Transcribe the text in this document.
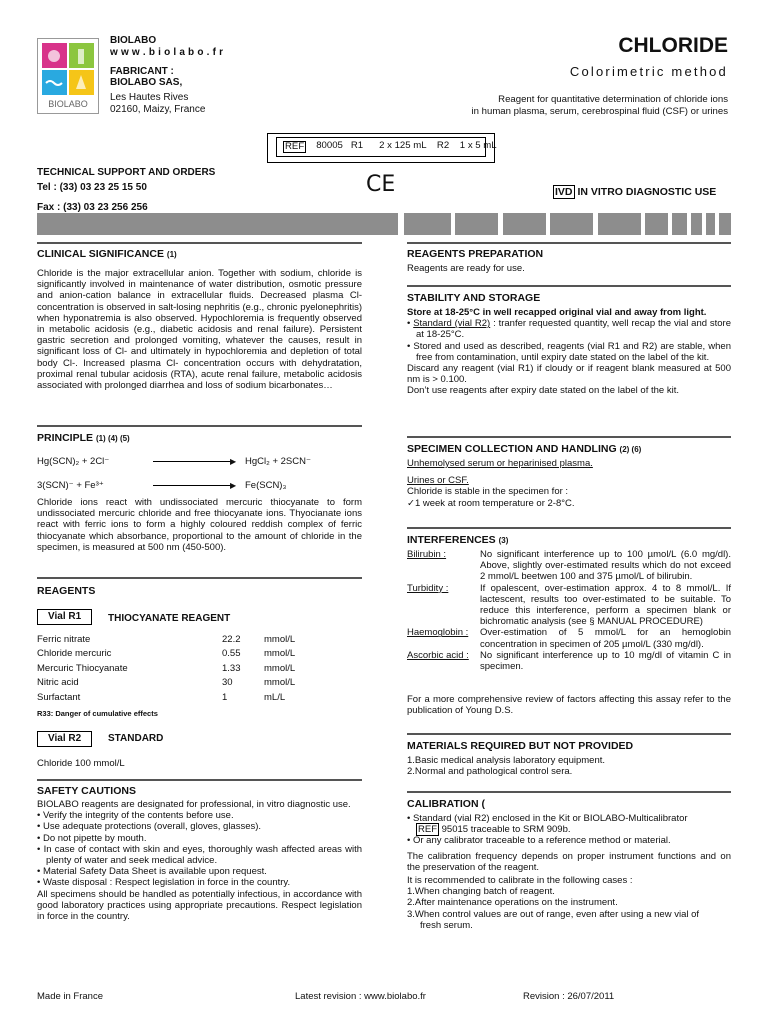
BIOLABO
BIOLABO
w w w . b i o l a b o . f r
FABRICANT :
BIOLABO SAS,
Les Hautes Rives
02160, Maizy, France
CHLORIDE
Colorimetric method
Reagent for quantitative determination of chloride ions
in human plasma, serum, cerebrospinal fluid (CSF) or urines
REF 80005   R1      2 x 125 mL    R2    1 x 5 mL
TECHNICAL SUPPORT AND ORDERS
Tel : (33) 03 23 25 15 50
Fax : (33) 03 23 256 256
CE	IVD IN VITRO DIAGNOSTIC USE
CLINICAL SIGNIFICANCE (1)
Chloride is the major extracellular anion. Together with sodium, chloride is significantly involved in maintenance of water distribution, osmotic pressure and anion-cation balance in extracellular fluids. Decreased plasma Cl- concentration is observed in salt-losing nephritis (e.g., chronic pyelonephritis) when hyponatremia is also observed. Hypochloremia is frequently observed in metabolic acidosis (e.g., diabetic acidosis and renal failure). Persistent gastric secretion and prolonged vomiting, whatever the causes, result in significant loss of Cl- and ultimately in hypochloremia and depletion of total body Cl-. Increased plasma Cl- concentration occurs with dehydratation, proximal renal tubular acidosis (RTA), acute renal failure, metabolic acidosis associated with prolonged diarrhea and loss of sodium bicarbonates…
PRINCIPLE (1) (4) (5)
Hg(SCN)₂ + 2Cl⁻	▶ HgCl₂ + 2SCN⁻
3(SCN)⁻ + Fe³⁺	▶ Fe(SCN)₃
Chloride ions react with undissociated mercuric thiocyanate to form undissociated mercuric chloride and free thiocyanate ions. Thyocianate ions react with ferric ions to form a highly coloured reddish complex of ferric thiocyanate which absorbance, proportional to the amount of chloride in the specimen, is measured at 500 nm (450-500).
REAGENTS
Vial R1	THIOCYANATE REAGENT
Ferric nitrate	22.2	mmol/L
Chloride mercuric	0.55	mmol/L
Mercuric Thiocyanate	1.33	mmol/L
Nitric acid	30	mmol/L
Surfactant	1	mL/L
R33: Danger of cumulative effects
Vial R2	STANDARD
Chloride 100 mmol/L
SAFETY CAUTIONS
BIOLABO reagents are designated for professional, in vitro diagnostic use.
• Verify the integrity of the contents before use.
• Use adequate protections (overall, gloves, glasses).
• Do not pipette by mouth.
• In case of contact with skin and eyes, thoroughly wash affected areas with plenty of water and seek medical advice.
• Material Safety Data Sheet is available upon request.
• Waste disposal : Respect legislation in force in the country.
All specimens should be handled as potentially infectious, in accordance with good laboratory practices using appropriate precautions. Respect legislation in force in the country.
REAGENTS PREPARATION
Reagents are ready for use.
STABILITY AND STORAGE
Store at 18-25°C in well recapped original vial and away from light.
• Standard (vial R2) : tranfer requested quantity, well recap the vial and store at 18-25°C.
• Stored and used as described, reagents (vial R1 and R2) are stable, when free from contamination, until expiry date stated on the label of the kit.
Discard any reagent (vial R1) if cloudy or if reagent blank measured at 500 nm is > 0.100.
Don’t use reagents after expiry date stated on the label of the kit.
SPECIMEN COLLECTION AND HANDLING (2) (6)
Unhemolysed serum or heparinised plasma.
Urines or CSF.
Chloride is stable in the specimen for :
✓1 week at room temperature or 2-8°C.
INTERFERENCES (3)
Bilirubin :	No significant interference up to 100 µmol/L (6.0 mg/dl). Above, slightly over-estimated results which do not exceed 2 mmol/L beetwen 100 and 375 µmol/L of bilirubin.
Turbidity :	If opalescent, over-estimation approx. 4 to 8 mmol/L. If lactescent, results too over-estimated to be suitable. To reduce this interference, perform a specimen blank or bichromatic analysis (see § MANUAL PROCEDURE)
Haemoglobin :	Over-estimation of 5 mmol/L for an hemoglobin concentration in specimen of 205 µmol/L (330 mg/dl).
Ascorbic acid :	No significant interference up to 10 mg/dl of vitamin C in specimen.
For a more comprehensive review of factors affecting this assay refer to the publication of Young D.S.
MATERIALS REQUIRED BUT NOT PROVIDED
1.Basic medical analysis laboratory equipment.
2.Normal and pathological control sera.
CALIBRATION (
• Standard (vial R2) enclosed in the Kit or BIOLABO-Multicalibrator
REF 95015 traceable to SRM 909b.
• Or any calibrator traceable to a reference method or material.
The calibration frequency depends on proper instrument functions and on the preservation of the reagent.
It is recommended to calibrate in the following cases :
1.When changing batch of reagent.
2.After maintenance operations on the instrument.
3.When control values are out of range, even after using a new vial of
fresh serum.
Made in France	Latest revision : www.biolabo.fr	Revision : 26/07/2011
